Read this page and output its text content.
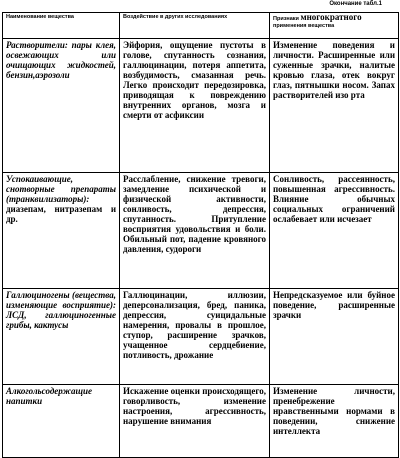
Окончание табл.1
Наименование вещества	Воздействие в других исследованиях	Признаки многократного применения вещества
Растворители: пары клея, освежающих или очищающих жидкостей, бензин,аэрозоли	Эйфория, ощущение пустоты в голове, спутанность сознания, галлюцинации, потеря аппетита, возбудимость, смазанная речь. Легко происходит передозировка, приводящая к повреждению внутренних органов, мозга и смерти от асфиксии	Изменение поведения и личности. Расширенные или суженные зрачки, налитые кровью глаза, отек вокруг глаз, пятнышки носом. Запах растворителей изо рта
Успокаивающие, снотворные препараты (транквилизаторы): диазепам, нитразепам и др.	Расслабление, снижение тревоги, замедление психической и физической активности, сонливость, депрессия, спутанность. Притупление восприятия удовольствия и боли. Обильный пот, падение кровяного давления, судороги	Сонливость, рассеянность, повышенная агрессивность. Влияние обычных социальных ограничений ослабевает или исчезает
Галлюциногены (вещества, изменяющие восприятие): ЛСД, галлюциногенные грибы, кактусы	Галлюцинации, иллюзии, деперсонализация, бред, паника, депрессия, суицидальные намерения, провалы в прошлое, ступор, расширение зрачков, учащенное сердцебиение, потливость, дрожание	Непредсказуемое или буйное поведение, расширенные зрачки
Алкогольсодержащие напитки	Искажение оценки происходящего, говорливость, изменение настроения, агрессивность, нарушение внимания	Изменение личности, пренебрежение нравственными нормами в поведении, снижение интеллекта
